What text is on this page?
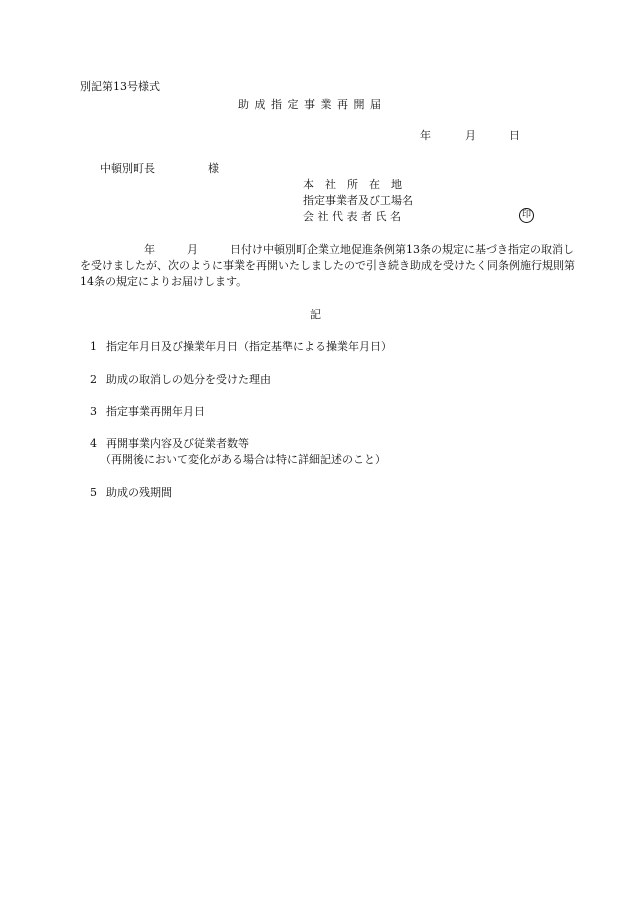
別記第13号様式
助 成 指 定 事 業 再 開 届
年	月	日
中頓別町長	様
本　社　所　在　地
指定事業者及び工場名
会 社 代 表 者 氏 名	印
年	月	日付け中頓別町企業立地促進条例第13条の規定に基づき指定の取消しを受けましたが、次のように事業を再開いたしましたので引き続き助成を受けたく同条例施行規則第14条の規定によりお届けします。
記
1 指定年月日及び操業年月日（指定基準による操業年月日）
2 助成の取消しの処分を受けた理由
3 指定事業再開年月日
4 再開事業内容及び従業者数等
（再開後において変化がある場合は特に詳細記述のこと）
5 助成の残期間
